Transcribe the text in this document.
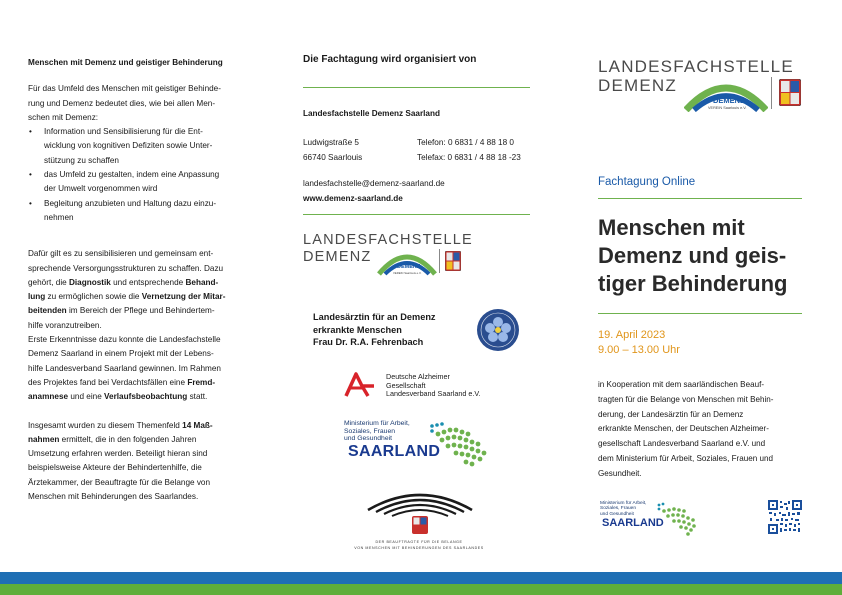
Menschen mit Demenz und geistiger Behinderung

Für das Umfeld des Menschen mit geistiger Behinde-

rung und Demenz bedeutet dies, wie bei allen Men-

schen mit Demenz:

• Information und Sensibilisierung für die Ent-
wicklung von kognitiven Defiziten sowie Unter-
stützung zu schaffen
• das Umfeld zu gestalten, indem eine Anpassung
der Umwelt vorgenommen wird
• Begleitung anzubieten und Haltung dazu einzu-
nehmen

Dafür gilt es zu sensibilisieren und gemeinsam ent-

sprechende Versorgungsstrukturen zu schaffen. Dazu

gehört, die Diagnostik und entsprechende Behand-

lung zu ermöglichen sowie die Vernetzung der Mitar-

beitenden im Bereich der Pflege und Behindertem-

hilfe voranzutreiben.

Erste Erkenntnisse dazu konnte die Landesfachstelle

Demenz Saarland in einem Projekt mit der Lebens-

hilfe Landesverband Saarland gewinnen. Im Rahmen

des Projektes fand bei Verdachtsfällen eine Fremd-

anamnese und eine Verlaufsbeobachtung statt.

Insgesamt wurden zu diesem Themenfeld 14 Maß-

nahmen ermittelt, die in den folgenden Jahren

Umsetzung erfahren werden. Beteiligt hieran sind

beispielsweise Akteure der Behindertenhilfe, die

Ärztekammer, der Beauftragte für die Belange von

Menschen mit Behinderungen des Saarlandes.

Die Fachtagung wird organisiert von
Landesfachstelle Demenz Saarland
Ludwigstraße 5
66740 Saarlouis
Telefon: 0 6831 / 4 88 18 0
Telefax: 0 6831 / 4 88 18 -23
landesfachstelle@demenz-saarland.de
www.demenz-saarland.de
LANDESFACHSTELLE
DEMENZ
DEMENZ
VEREIN Saarlouis e.V.
Landesärztin für an Demenz
erkrankte Menschen
Frau Dr. R.A. Fehrenbach
Deutsche Alzheimer
Gesellschaft
Landesverband Saarland e.V.
Ministerium für Arbeit,
Soziales, Frauen
und Gesundheit
SAARLAND
DER BEAUFTRAGTE FÜR DIE BELANGE
VON MENSCHEN MIT BEHINDERUNGEN DES SAARLANDES
LANDESFACHSTELLE
DEMENZ
DEMENZ
VEREIN Saarlouis e.V.
Fachtagung Online
Menschen mit
Demenz und geis-
tiger Behinderung
19. April 2023
9.00 – 13.00 Uhr
in Kooperation mit dem saarländischen Beauf-
tragten für die Belange von Menschen mit Behin-
derung, der Landesärztin für an Demenz
erkrankte Menschen, der Deutschen Alzheimer-
gesellschaft Landesverband Saarland e.V. und
dem Ministerium für Arbeit, Soziales, Frauen und
Gesundheit.
Ministerium für Arbeit,
Soziales, Frauen
und Gesundheit
SAARLAND
